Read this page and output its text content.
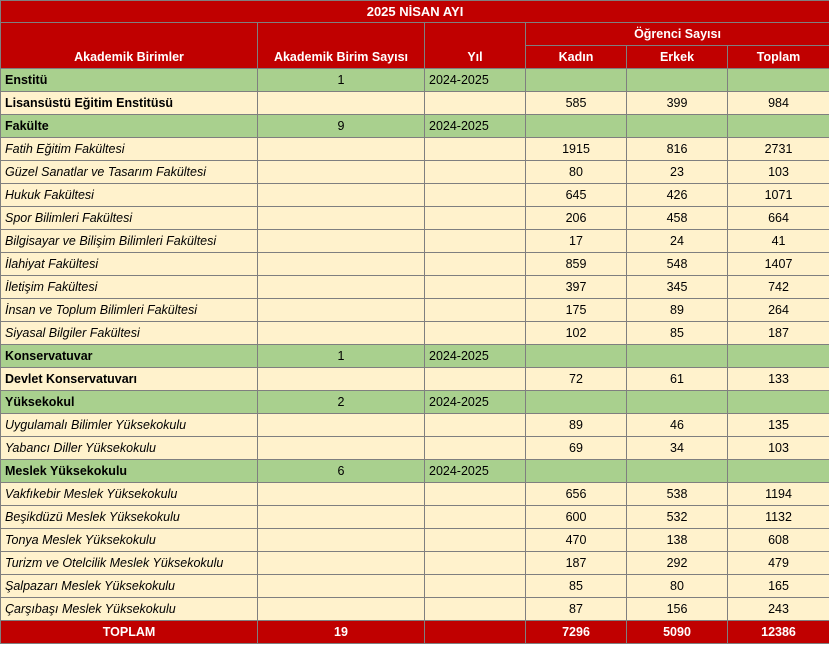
2025 NİSAN AYI					
Akademik Birimler	Akademik Birim Sayısı	Yıl	Öğrenci Sayısı		
			Kadın	Erkek	Toplam
Enstitü	1	2024-2025			
Lisansüstü Eğitim Enstitüsü			585	399	984
Fakülte	9	2024-2025			
Fatih Eğitim Fakültesi			1915	816	2731
Güzel Sanatlar ve Tasarım Fakültesi			80	23	103
Hukuk Fakültesi			645	426	1071
Spor Bilimleri Fakültesi			206	458	664
Bilgisayar ve Bilişim Bilimleri Fakültesi			17	24	41
İlahiyat Fakültesi			859	548	1407
İletişim Fakültesi			397	345	742
İnsan ve Toplum Bilimleri Fakültesi			175	89	264
Siyasal Bilgiler Fakültesi			102	85	187
Konservatuvar	1	2024-2025			
Devlet Konservatuvarı			72	61	133
Yüksekokul	2	2024-2025			
Uygulamalı Bilimler Yüksekokulu			89	46	135
Yabancı Diller Yüksekokulu			69	34	103
Meslek Yüksekokulu	6	2024-2025			
Vakfıkebir Meslek Yüksekokulu			656	538	1194
Beşikdüzü Meslek Yüksekokulu			600	532	1132
Tonya Meslek Yüksekokulu			470	138	608
Turizm ve Otelcilik Meslek Yüksekokulu			187	292	479
Şalpazarı Meslek Yüksekokulu			85	80	165
Çarşıbaşı Meslek Yüksekokulu			87	156	243
TOPLAM	19		7296	5090	12386
